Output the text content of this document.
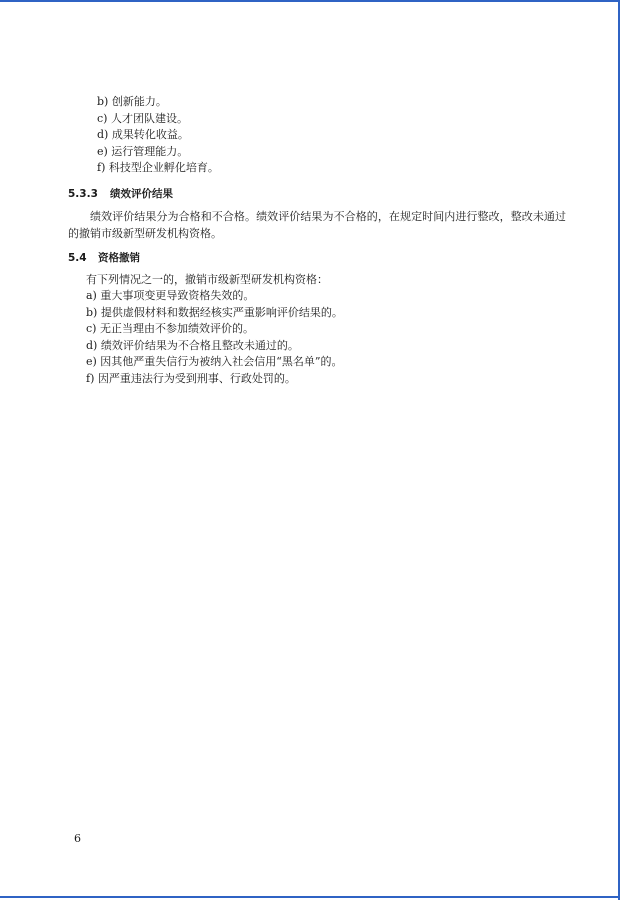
b) 创新能力。
c) 人才团队建设。
d) 成果转化收益。
e) 运行管理能力。
f) 科技型企业孵化培育。
5.3.3 绩效评价结果

绩效评价结果分为合格和不合格。绩效评价结果为不合格的，在规定时间内进行整改，整改未通过的撤销市级新型研发机构资格。

5.4 资格撤销
有下列情况之一的，撤销市级新型研发机构资格：
a) 重大事项变更导致资格失效的。
b) 提供虚假材料和数据经核实严重影响评价结果的。
c) 无正当理由不参加绩效评价的。
d) 绩效评价结果为不合格且整改未通过的。
e) 因其他严重失信行为被纳入社会信用“黑名单”的。
f) 因严重违法行为受到刑事、行政处罚的。
6
